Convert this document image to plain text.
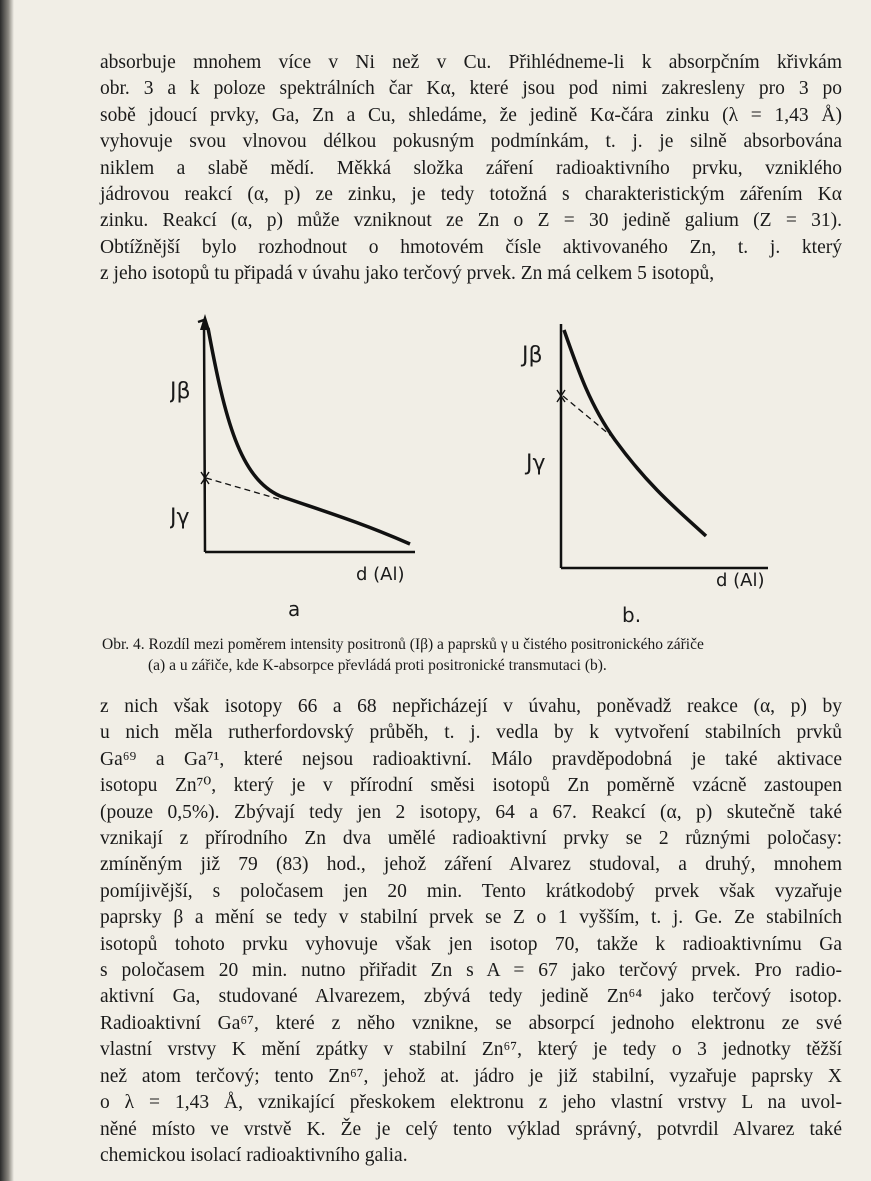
absorbuje mnohem více v Ni než v Cu. Přihlédneme-li k absorpčním křivkám
obr. 3 a k poloze spektrálních čar Kα, které jsou pod nimi zakresleny pro 3 po
sobě jdoucí prvky, Ga, Zn a Cu, shledáme, že jedině Kα-čára zinku (λ = 1,43 Å)
vyhovuje svou vlnovou délkou pokusným podmínkám, t. j. je silně absorbována
niklem a slabě mědí. Měkká složka záření radioaktivního prvku, vzniklého
jádrovou reakcí (α, p) ze zinku, je tedy totožná s charakteristickým zářením Kα
zinku. Reakcí (α, p) může vzniknout ze Zn o Z = 30 jedině galium (Z = 31).
Obtížnější bylo rozhodnout o hmotovém čísle aktivovaného Zn, t. j. který
z jeho isotopů tu připadá v úvahu jako terčový prvek. Zn má celkem 5 isotopů,
Jβ
Jγ
d (Al)
a
Jβ
Jγ
d (Al)
b.
Obr. 4. Rozdíl mezi poměrem intensity positronů (Iβ) a paprsků γ u čistého positronického zářiče
(a) a u zářiče, kde K-absorpce převládá proti positronické transmutaci (b).
z nich však isotopy 66 a 68 nepřicházejí v úvahu, poněvadž reakce (α, p) by
u nich měla rutherfordovský průběh, t. j. vedla by k vytvoření stabilních prvků
Ga⁶⁹ a Ga⁷¹, které nejsou radioaktivní. Málo pravděpodobná je také aktivace
isotopu Zn⁷⁰, který je v přírodní směsi isotopů Zn poměrně vzácně zastoupen
(pouze 0,5%). Zbývají tedy jen 2 isotopy, 64 a 67. Reakcí (α, p) skutečně také
vznikají z přírodního Zn dva umělé radioaktivní prvky se 2 různými poločasy:
zmíněným již 79 (83) hod., jehož záření Alvarez studoval, a druhý, mnohem
pomíjivější, s poločasem jen 20 min. Tento krátkodobý prvek však vyzařuje
paprsky β a mění se tedy v stabilní prvek se Z o 1 vyšším, t. j. Ge. Ze stabilních
isotopů tohoto prvku vyhovuje však jen isotop 70, takže k radioaktivnímu Ga
s poločasem 20 min. nutno přiřadit Zn s A = 67 jako terčový prvek. Pro radio-
aktivní Ga, studované Alvarezem, zbývá tedy jedině Zn⁶⁴ jako terčový isotop.
Radioaktivní Ga⁶⁷, které z něho vznikne, se absorpcí jednoho elektronu ze své
vlastní vrstvy K mění zpátky v stabilní Zn⁶⁷, který je tedy o 3 jednotky těžší
než atom terčový; tento Zn⁶⁷, jehož at. jádro je již stabilní, vyzařuje paprsky X
o λ = 1,43 Å, vznikající přeskokem elektronu z jeho vlastní vrstvy L na uvol-
něné místo ve vrstvě K. Že je celý tento výklad správný, potvrdil Alvarez také
chemickou isolací radioaktivního galia.
